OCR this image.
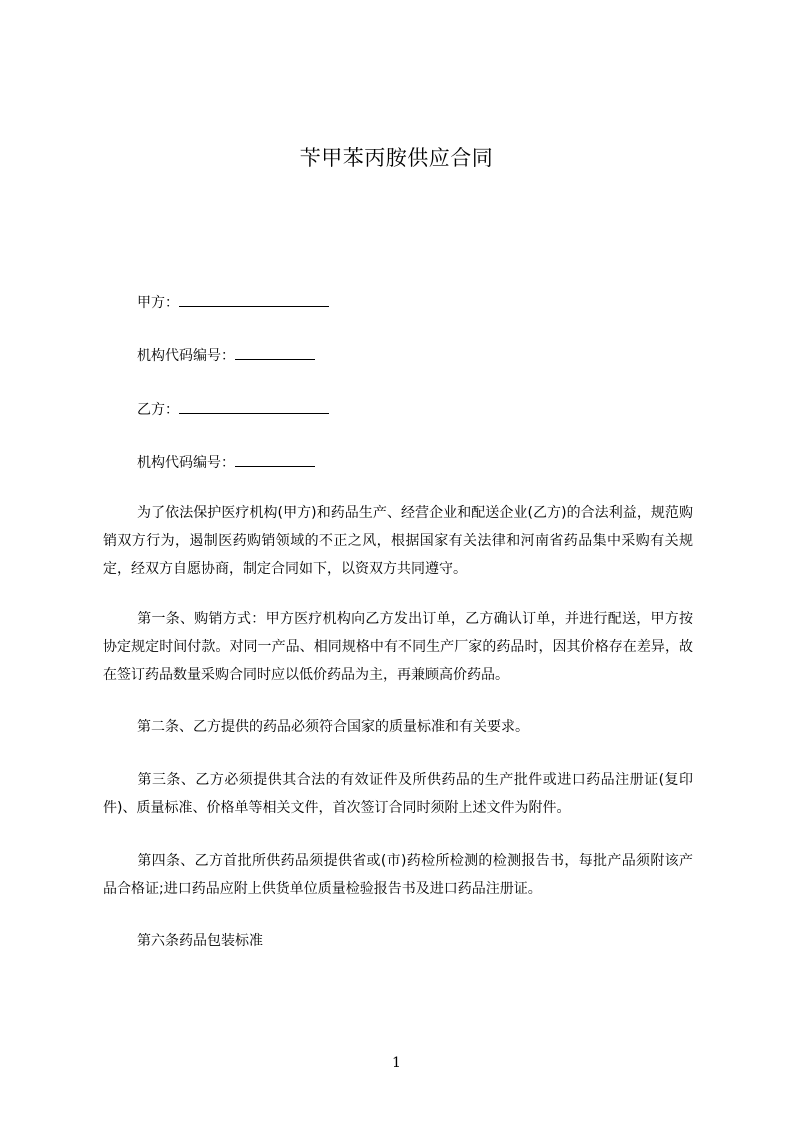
苄甲苯丙胺供应合同
甲方：
机构代码编号：
乙方：
机构代码编号：
为了依法保护医疗机构(甲方)和药品生产、经营企业和配送企业(乙方)的合法利益，规范购销双方行为，遏制医药购销领域的不正之风，根据国家有关法律和河南省药品集中采购有关规定，经双方自愿协商，制定合同如下，以资双方共同遵守。
第一条、购销方式：甲方医疗机构向乙方发出订单，乙方确认订单，并进行配送，甲方按协定规定时间付款。对同一产品、相同规格中有不同生产厂家的药品时，因其价格存在差异，故在签订药品数量采购合同时应以低价药品为主，再兼顾高价药品。
第二条、乙方提供的药品必须符合国家的质量标准和有关要求。
第三条、乙方必须提供其合法的有效证件及所供药品的生产批件或进口药品注册证(复印件)、质量标准、价格单等相关文件，首次签订合同时须附上述文件为附件。
第四条、乙方首批所供药品须提供省或(市)药检所检测的检测报告书，每批产品须附该产品合格证;进口药品应附上供货单位质量检验报告书及进口药品注册证。
第六条药品包装标准
1
